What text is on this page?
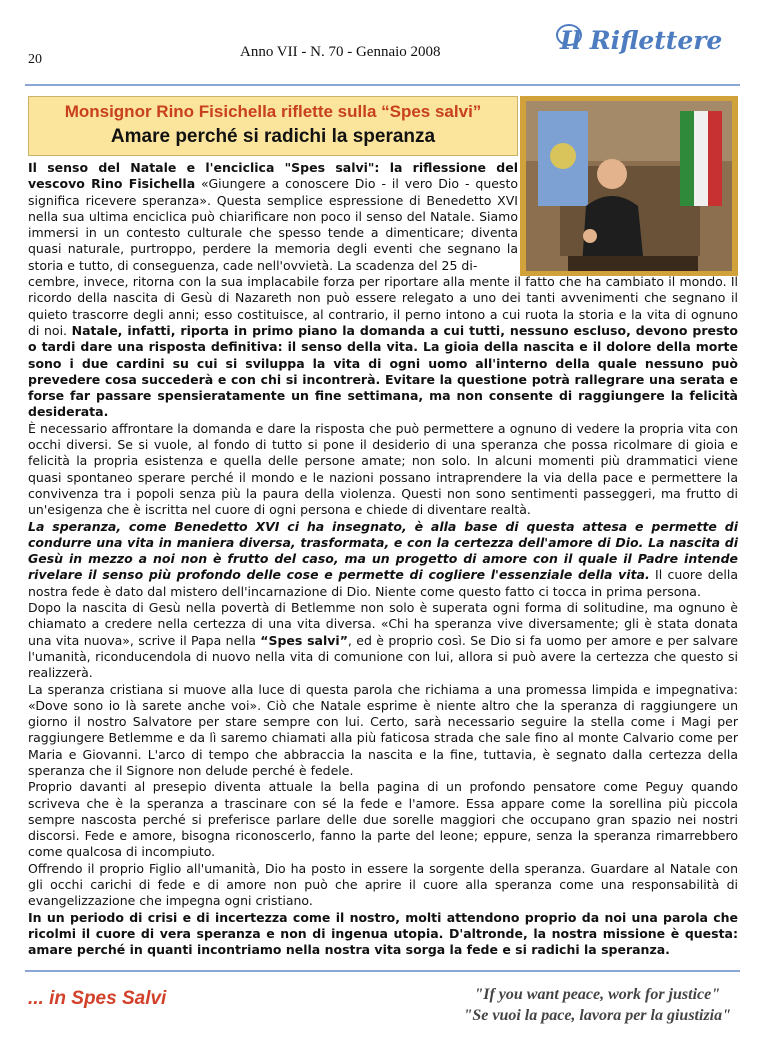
20	Anno VII - N. 70 - Gennaio 2008	Il Riflettere
Monsignor Rino Fisichella riflette sulla “Spes salvi”
Amare perché si radichi la speranza

Il senso del Natale e l'enciclica "Spes salvi": la riflessione del vescovo Rino Fisichella «Giungere a conoscere Dio - il vero Dio - questo significa ricevere speranza». Questa semplice espressione di Benedetto XVI nella sua ultima enciclica può chiarificare non poco il senso del Natale. Siamo immersi in un contesto culturale che spesso tende a dimenticare; diventa quasi naturale, purtroppo, perdere la memoria degli eventi che segnano la storia e tutto, di conseguenza, cade nell'ovvietà. La scadenza del 25 di-

cembre, invece, ritorna con la sua implacabile forza per riportare alla mente il fatto che ha cambiato il mondo. Il ricordo della nascita di Gesù di Nazareth non può essere relegato a uno dei tanti avvenimenti che segnano il quieto trascorre degli anni; esso costituisce, al contrario, il perno intono a cui ruota la storia e la vita di ognuno di noi. Natale, infatti, riporta in primo piano la domanda a cui tutti, nessuno escluso, devono presto o tardi dare una risposta definitiva: il senso della vita. La gioia della nascita e il dolore della morte sono i due cardini su cui si sviluppa la vita di ogni uomo all'interno della quale nessuno può prevedere cosa succederà e con chi si incontrerà. Evitare la questione potrà rallegrare una serata e forse far passare spensieratamente un fine settimana, ma non consente di raggiungere la felicità desiderata.

È necessario affrontare la domanda e dare la risposta che può permettere a ognuno di vedere la propria vita con occhi diversi. Se si vuole, al fondo di tutto si pone il desiderio di una speranza che possa ricolmare di gioia e felicità la propria esistenza e quella delle persone amate; non solo. In alcuni momenti più drammatici viene quasi spontaneo sperare perché il mondo e le nazioni possano intraprendere la via della pace e permettere la convivenza tra i popoli senza più la paura della violenza. Questi non sono sentimenti passeggeri, ma frutto di un'esigenza che è iscritta nel cuore di ogni persona e chiede di diventare realtà.

La speranza, come Benedetto XVI ci ha insegnato, è alla base di questa attesa e permette di condurre una vita in maniera diversa, trasformata, e con la certezza dell'amore di Dio. La nascita di Gesù in mezzo a noi non è frutto del caso, ma un progetto di amore con il quale il Padre intende rivelare il senso più profondo delle cose e permette di cogliere l'essenziale della vita. Il cuore della nostra fede è dato dal mistero dell'incarnazione di Dio. Niente come questo fatto ci tocca in prima persona.

Dopo la nascita di Gesù nella povertà di Betlemme non solo è superata ogni forma di solitudine, ma ognuno è chiamato a credere nella certezza di una vita diversa. «Chi ha speranza vive diversamente; gli è stata donata una vita nuova», scrive il Papa nella “Spes salvi”, ed è proprio così. Se Dio si fa uomo per amore e per salvare l'umanità, riconducendola di nuovo nella vita di comunione con lui, allora si può avere la certezza che questo si realizzerà.

La speranza cristiana si muove alla luce di questa parola che richiama a una promessa limpida e impegnativa: «Dove sono io là sarete anche voi». Ciò che Natale esprime è niente altro che la speranza di raggiungere un giorno il nostro Salvatore per stare sempre con lui. Certo, sarà necessario seguire la stella come i Magi per raggiungere Betlemme e da lì saremo chiamati alla più faticosa strada che sale fino al monte Calvario come per Maria e Giovanni. L'arco di tempo che abbraccia la nascita e la fine, tuttavia, è segnato dalla certezza della speranza che il Signore non delude perché è fedele.

Proprio davanti al presepio diventa attuale la bella pagina di un profondo pensatore come Peguy quando scriveva che è la speranza a trascinare con sé la fede e l'amore. Essa appare come la sorellina più piccola sempre nascosta perché si preferisce parlare delle due sorelle maggiori che occupano gran spazio nei nostri discorsi. Fede e amore, bisogna riconoscerlo, fanno la parte del leone; eppure, senza la speranza rimarrebbero come qualcosa di incompiuto.

Offrendo il proprio Figlio all'umanità, Dio ha posto in essere la sorgente della speranza. Guardare al Natale con gli occhi carichi di fede e di amore non può che aprire il cuore alla speranza come una responsabilità di evangelizzazione che impegna ogni cristiano.

In un periodo di crisi e di incertezza come il nostro, molti attendono proprio da noi una parola che ricolmi il cuore di vera speranza e non di ingenua utopia. D'altronde, la nostra missione è questa: amare perché in quanti incontriamo nella nostra vita sorga la fede e si radichi la speranza.

... in Spes Salvi	"If you want peace, work for justice"
"Se vuoi la pace, lavora per la giustizia"
